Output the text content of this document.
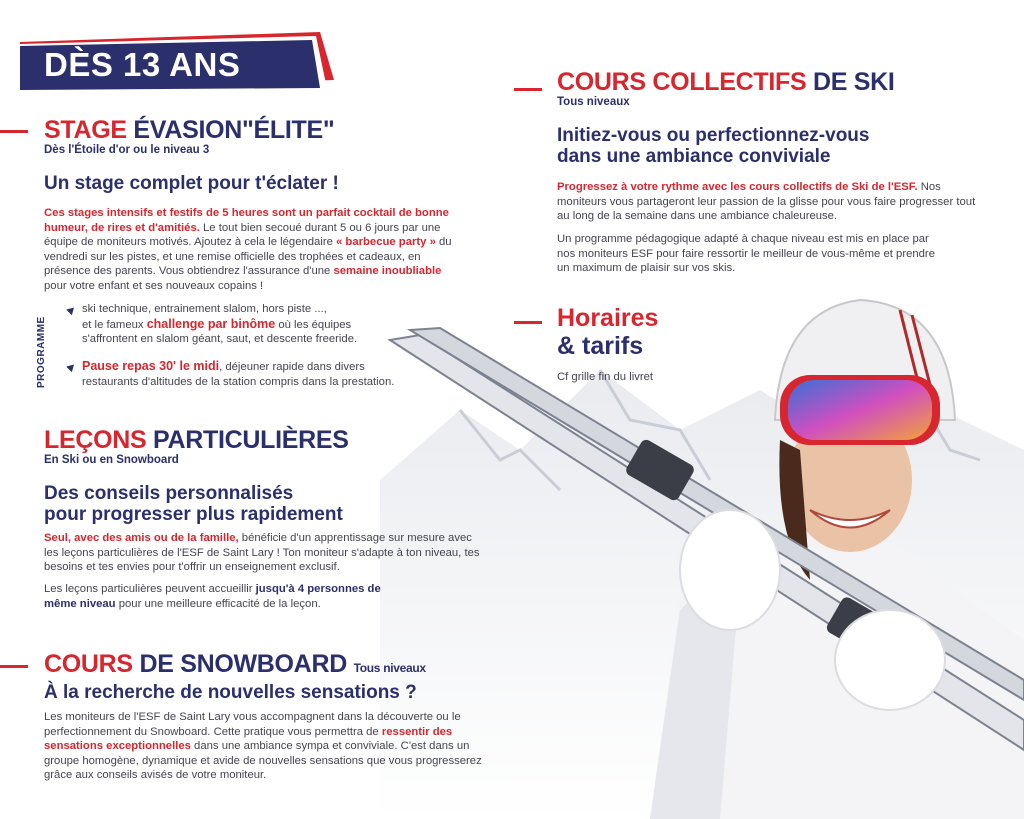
DÈS 13 ANS
STAGE ÉVASION"ÉLITE"
Dès l'Étoile d'or ou le niveau 3
Un stage complet pour t'éclater !
Ces stages intensifs et festifs de 5 heures sont un parfait cocktail de bonne humeur, de rires et d'amitiés. Le tout bien secoué durant 5 ou 6 jours par une équipe de moniteurs motivés. Ajoutez à cela le légendaire « barbecue party » du vendredi sur les pistes, et une remise officielle des trophées et cadeaux, en présence des parents. Vous obtiendrez l'assurance d'une semaine inoubliable pour votre enfant et ses nouveaux copains !
PROGRAMME
ski technique, entrainement slalom, hors piste ...,
et le fameux challenge par binôme où les équipes
s'affrontent en slalom géant, saut, et descente freeride.
Pause repas 30' le midi, déjeuner rapide dans divers
restaurants d'altitudes de la station compris dans la prestation.
LEÇONS PARTICULIÈRES
En Ski ou en Snowboard
Des conseils personnalisés
pour progresser plus rapidement
Seul, avec des amis ou de la famille, bénéficie d'un apprentissage sur mesure avec les leçons particulières de l'ESF de Saint Lary ! Ton moniteur s'adapte à ton niveau, tes besoins et tes envies pour t'offrir un enseignement exclusif.
Les leçons particulières peuvent accueillir jusqu'à 4 personnes de même niveau pour une meilleure efficacité de la leçon.
COURS DE SNOWBOARD Tous niveaux
À la recherche de nouvelles sensations ?
Les moniteurs de l'ESF de Saint Lary vous accompagnent dans la découverte ou le perfectionnement du Snowboard. Cette pratique vous permettra de ressentir des sensations exceptionnelles dans une ambiance sympa et conviviale. C'est dans un groupe homogène, dynamique et avide de nouvelles sensations que vous progresserez grâce aux conseils avisés de votre moniteur.
COURS COLLECTIFS DE SKI
Tous niveaux
Initiez-vous ou perfectionnez-vous
dans une ambiance conviviale
Progressez à votre rythme avec les cours collectifs de Ski de l'ESF. Nos moniteurs vous partageront leur passion de la glisse pour vous faire progresser tout au long de la semaine dans une ambiance chaleureuse.
Un programme pédagogique adapté à chaque niveau est mis en place par nos moniteurs ESF pour faire ressortir le meilleur de vous-même et prendre un maximum de plaisir sur vos skis.
Horaires
& tarifs
Cf grille fin du livret
